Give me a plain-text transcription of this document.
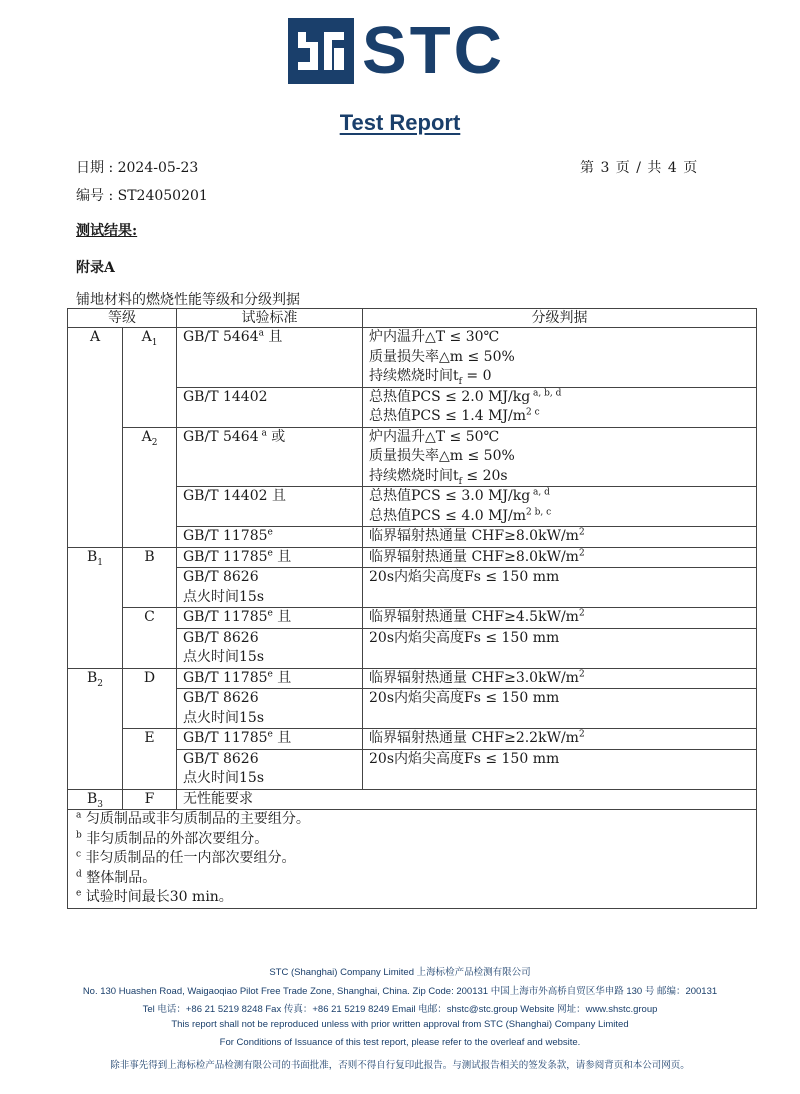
STC
Test Report
日期 : 2024-05-23	第 3 页 / 共 4 页
编号 : ST24050201
测试结果:
附录A
铺地材料的燃烧性能等级和分级判据
等级		试验标准	分级判据
A	$A_1$	GB/T 5464$^a$ 且	炉内温升△T ≤ 30℃
质量损失率△m ≤ 50%
持续燃烧时间$t_f = 0$

		GB/T 14402	总热值PCS ≤ 2.0 MJ/kg $^{a, b, d}$
总热值PCS ≤ 1.4 $MJ/m^{2 c}$

	$A_2$	GB/T 5464 $^a$ 或	炉内温升△T ≤ 50℃
质量损失率△m ≤ 50%
持续燃烧时间$t_f \le 20s$

		GB/T 14402 且	总热值PCS ≤ 3.0 MJ/kg $^{a, d}$
总热值PCS ≤ 4.0 $MJ/m^{2 b, c}$

		GB/T 11785e	临界辐射热通量 $CHF\ge 8.0kW/m^2$
$B_1$	B	GB/T 11785e 且	临界辐射热通量 $CHF\ge 8.0kW/m^2$

		GB/T 8626
点火时间15s	20s内焰尖高度Fs ≤ 150 mm
	C	GB/T 11785e 且	临界辐射热通量 $CHF\ge 4.5kW/m^2$

		GB/T 8626
点火时间15s	20s内焰尖高度Fs ≤ 150 mm
$B_2$	D	GB/T 11785e 且	临界辐射热通量 $CHF\ge 3.0kW/m^2$

		GB/T 8626
点火时间15s	20s内焰尖高度Fs ≤ 150 mm
	E	GB/T 11785e 且	临界辐射热通量 $CHF\ge 2.2kW/m^2$

		GB/T 8626
点火时间15s	20s内焰尖高度Fs ≤ 150 mm
$B_3$	F	无性能要求	

$^a$ 匀质制品或非匀质制品的主要组分。
$^b$ 非匀质制品的外部次要组分。
$^c$ 非匀质制品的任一内部次要组分。
$^d$ 整体制品。
$^e$ 试验时间最长30 min。			
STC (Shanghai) Company Limited 上海标检产品检测有限公司
No. 130 Huashen Road, Waigaoqiao Pilot Free Trade Zone, Shanghai, China. Zip Code: 200131 中国上海市外高桥自贸区华申路 130 号 邮编：200131
Tel 电话：+86 21 5219 8248 Fax 传真：+86 21 5219 8249 Email 电邮：shstc@stc.group Website 网址：www.shstc.group
This report shall not be reproduced unless with prior written approval from STC (Shanghai) Company Limited
For Conditions of Issuance of this test report, please refer to the overleaf and website.
除非事先得到上海标检产品检测有限公司的书面批准，否则不得自行复印此报告。与测试报告相关的签发条款，请参阅背页和本公司网页。
